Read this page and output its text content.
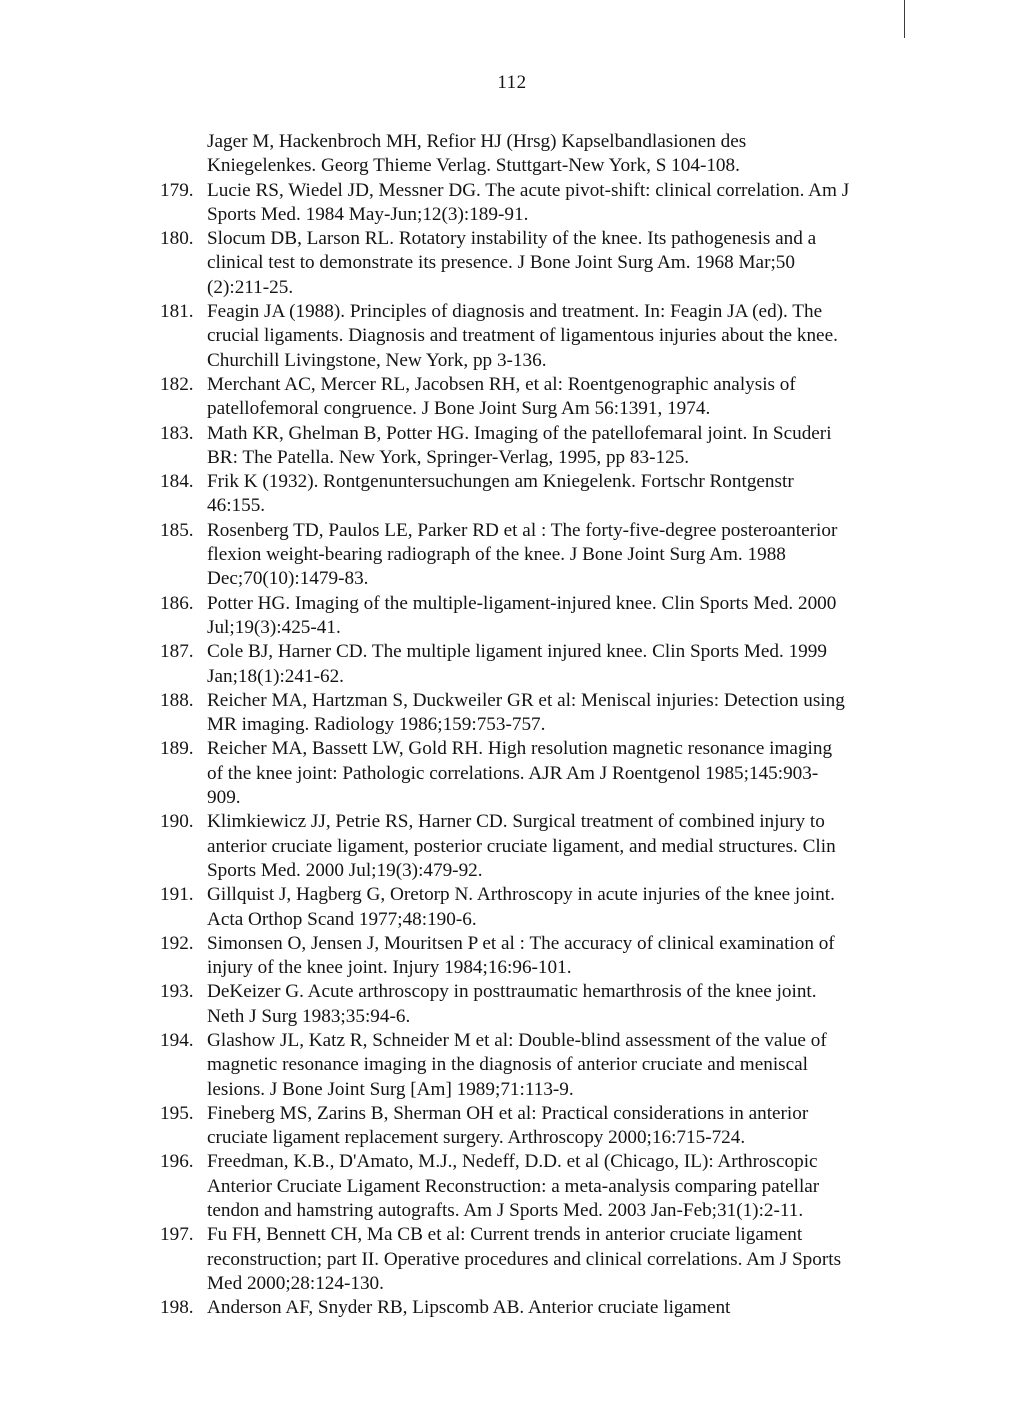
112
Jager M, Hackenbroch MH, Refior HJ (Hrsg) Kapselbandlasionen des Kniegelenkes. Georg Thieme Verlag. Stuttgart-New York, S 104-108.
179. Lucie RS, Wiedel JD, Messner DG. The acute pivot-shift: clinical correlation. Am J Sports Med. 1984 May-Jun;12(3):189-91.
180. Slocum DB, Larson RL. Rotatory instability of the knee. Its pathogenesis and a clinical test to demonstrate its presence. J Bone Joint Surg Am. 1968 Mar;50 (2):211-25.
181. Feagin JA (1988). Principles of diagnosis and treatment. In: Feagin JA (ed). The crucial ligaments. Diagnosis and treatment of ligamentous injuries about the knee. Churchill Livingstone, New York, pp 3-136.
182. Merchant AC, Mercer RL, Jacobsen RH, et al: Roentgenographic analysis of patellofemoral congruence. J Bone Joint Surg Am 56:1391, 1974.
183. Math KR, Ghelman B, Potter HG. Imaging of the patellofemaral joint. In Scuderi BR: The Patella. New York, Springer-Verlag, 1995, pp 83-125.
184. Frik K (1932). Rontgenuntersuchungen am Kniegelenk. Fortschr Rontgenstr 46:155.
185. Rosenberg TD, Paulos LE, Parker RD et al : The forty-five-degree posteroanterior flexion weight-bearing radiograph of the knee. J Bone Joint Surg Am. 1988 Dec;70(10):1479-83.
186. Potter HG. Imaging of the multiple-ligament-injured knee. Clin Sports Med. 2000 Jul;19(3):425-41.
187. Cole BJ, Harner CD. The multiple ligament injured knee. Clin Sports Med. 1999 Jan;18(1):241-62.
188. Reicher MA, Hartzman S, Duckweiler GR et al: Meniscal injuries: Detection using MR imaging. Radiology 1986;159:753-757.
189. Reicher MA, Bassett LW, Gold RH. High resolution magnetic resonance imaging of the knee joint: Pathologic correlations. AJR Am J Roentgenol 1985;145:903-909.
190. Klimkiewicz JJ, Petrie RS, Harner CD. Surgical treatment of combined injury to anterior cruciate ligament, posterior cruciate ligament, and medial structures. Clin Sports Med. 2000 Jul;19(3):479-92.
191. Gillquist J, Hagberg G, Oretorp N. Arthroscopy in acute injuries of the knee joint. Acta Orthop Scand 1977;48:190-6.
192. Simonsen O, Jensen J, Mouritsen P et al : The accuracy of clinical examination of injury of the knee joint. Injury 1984;16:96-101.
193. DeKeizer G. Acute arthroscopy in posttraumatic hemarthrosis of the knee joint. Neth J Surg 1983;35:94-6.
194. Glashow JL, Katz R, Schneider M et al: Double-blind assessment of the value of magnetic resonance imaging in the diagnosis of anterior cruciate and meniscal lesions. J Bone Joint Surg [Am] 1989;71:113-9.
195. Fineberg MS, Zarins B, Sherman OH et al: Practical considerations in anterior cruciate ligament replacement surgery. Arthroscopy 2000;16:715-724.
196. Freedman, K.B., D'Amato, M.J., Nedeff, D.D. et al (Chicago, IL): Arthroscopic Anterior Cruciate Ligament Reconstruction: a meta-analysis comparing patellar tendon and hamstring autografts. Am J Sports Med. 2003 Jan-Feb;31(1):2-11.
197. Fu FH, Bennett CH, Ma CB et al: Current trends in anterior cruciate ligament reconstruction; part II. Operative procedures and clinical correlations. Am J Sports Med 2000;28:124-130.
198. Anderson AF, Snyder RB, Lipscomb AB. Anterior cruciate ligament
